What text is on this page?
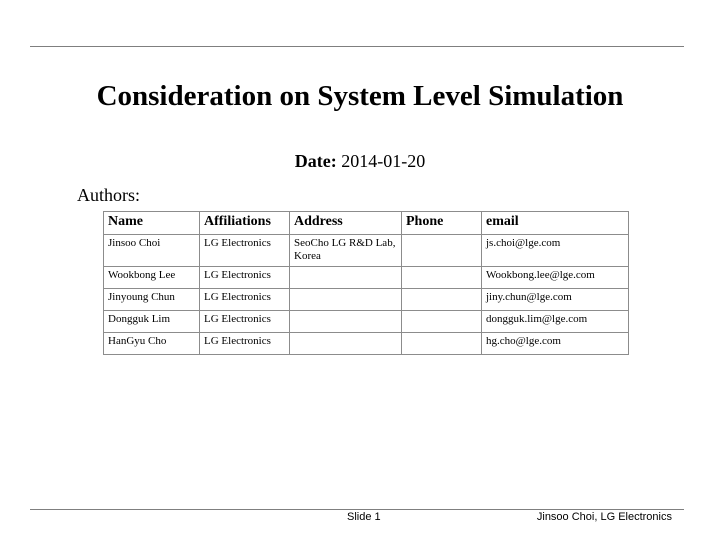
Consideration on System Level Simulation
Date: 2014-01-20
Authors:
Name	Affiliations	Address	Phone	email
Jinsoo Choi	LG Electronics	SeoCho LG R&D Lab, Korea		js.choi@lge.com
Wookbong Lee	LG Electronics			Wookbong.lee@lge.com
Jinyoung Chun	LG Electronics			jiny.chun@lge.com
Dongguk Lim	LG Electronics			dongguk.lim@lge.com
HanGyu Cho	LG Electronics			hg.cho@lge.com
Slide 1	Jinsoo Choi, LG Electronics
